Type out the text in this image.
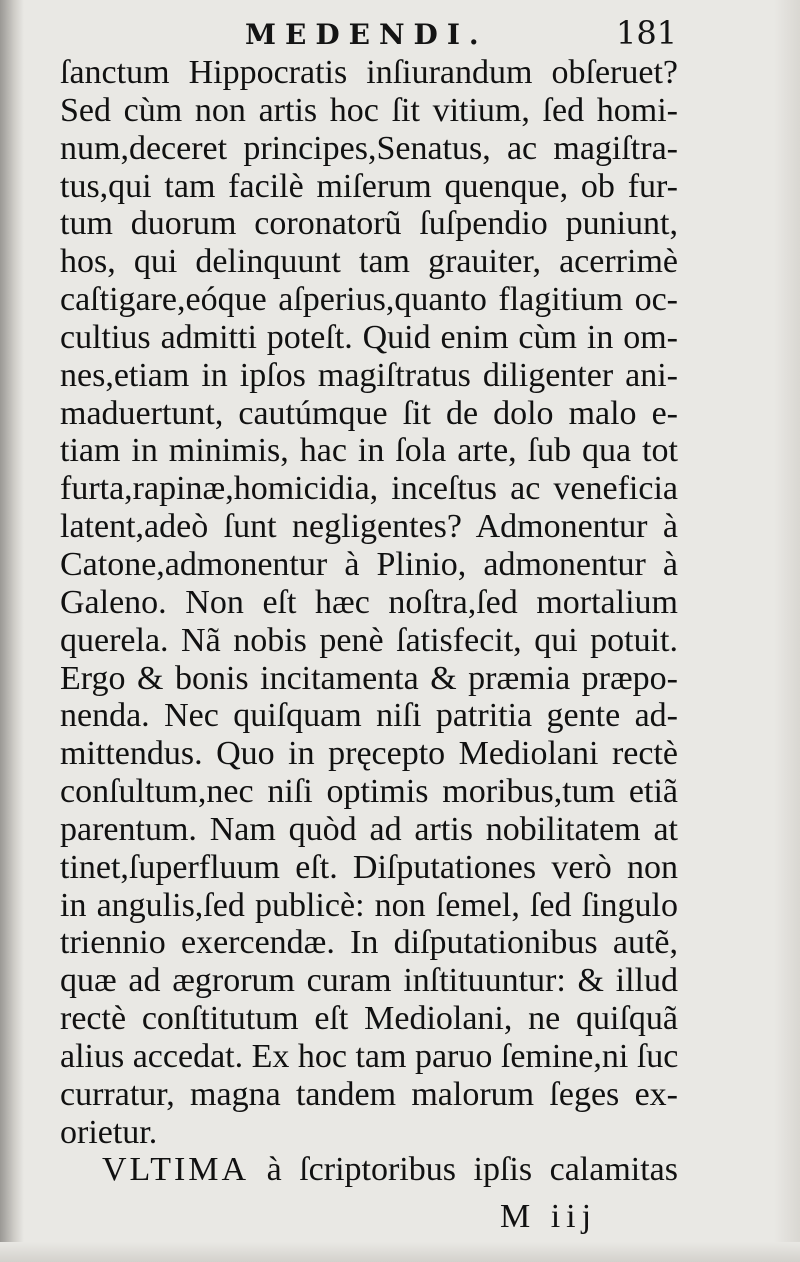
MEDENDI.	181
ſanctum Hippocratis inſiurandum obſeruet?
Sed cùm non artis hoc ſit vitium, ſed homi-
num,deceret principes,Senatus, ac magiſtra-
tus,qui tam facilè miſerum quenque, ob fur-
tum duorum coronatorũ ſuſpendio puniunt,
hos, qui delinquunt tam grauiter, acerrimè
caſtigare,eóque aſperius,quanto flagitium oc-
cultius admitti poteſt. Quid enim cùm in om-
nes,etiam in ipſos magiſtratus diligenter ani-
maduertunt, cautúmque ſit de dolo malo e-
tiam in minimis, hac in ſola arte, ſub qua tot
furta,rapinæ,homicidia, inceſtus ac veneficia
latent,adeò ſunt negligentes? Admonentur à
Catone,admonentur à Plinio, admonentur à
Galeno. Non eſt hæc noſtra,ſed mortalium
querela. Nã nobis penè ſatisfecit, qui potuit.
Ergo & bonis incitamenta & præmia præpo-
nenda. Nec quiſquam niſi patritia gente ad-
mittendus. Quo in pręcepto Mediolani rectè
conſultum,nec niſi optimis moribus,tum etiã
parentum. Nam quòd ad artis nobilitatem at
tinet,ſuperfluum eſt. Diſputationes verò non
in angulis,ſed publicè: non ſemel, ſed ſingulo
triennio exercendæ. In diſputationibus autẽ,
quæ ad ægrorum curam inſtituuntur: & illud
rectè conſtitutum eſt Mediolani, ne quiſquã
alius accedat. Ex hoc tam paruo ſemine,ni ſuc
curratur, magna tandem malorum ſeges ex-
orietur.
VLTIMA à ſcriptoribus ipſis calamitas
M iij
